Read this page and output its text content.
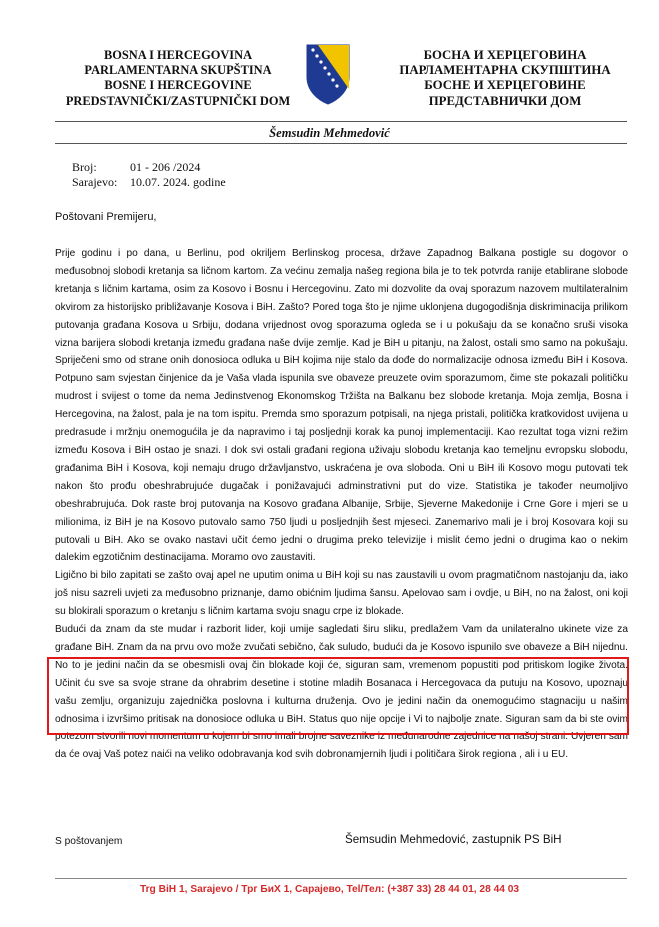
BOSNA I HERCEGOVINA
PARLAMENTARNA SKUPŠTINA
BOSNE I HERCEGOVINE
PREDSTAVNIČKI/ZASTUPNIČKI DOM
БОСНА И ХЕРЦЕГОВИНА
ПАРЛАМЕНТАРНА СКУПШТИНА
БОСНЕ И ХЕРЦЕГОВИНЕ
ПРЕДСТАВНИЧКИ ДОМ
Šemsudin Mehmedović
Broj:	01 - 206 /2024
Sarajevo: 10.07. 2024. godine
Poštovani Premijeru,

Prije godinu i po dana, u Berlinu, pod okriljem Berlinskog procesa, države Zapadnog Balkana postigle su dogovor o međusobnoj slobodi kretanja sa ličnom kartom. Za većinu zemalja našeg regiona bila je to tek potvrda ranije etablirane slobode kretanja s ličnim kartama, osim za Kosovo i Bosnu i Hercegovinu. Zato mi dozvolite da ovaj sporazum nazovem multilateralnim okvirom za historijsko približavanje Kosova i BiH. Zašto? Pored toga što je njime uklonjena dugogodišnja diskriminacija prilikom putovanja građana Kosova u Srbiju, dodana vrijednost ovog sporazuma ogleda se i u pokušaju da se konačno sruši visoka vizna barijera slobodi kretanja između građana naše dvije zemlje. Kad je BiH u pitanju, na žalost, ostali smo samo na pokušaju. Spriječeni smo od strane onih donosioca odluka u BiH kojima nije stalo da dođe do normalizacije odnosa između BiH i Kosova. Potpuno sam svjestan činjenice da je Vaša vlada ispunila sve obaveze preuzete ovim sporazumom, čime ste pokazali političku mudrost i svijest o tome da nema Jedinstvenog Ekonomskog Tržišta na Balkanu bez slobode kretanja. Moja zemlja, Bosna i Hercegovina, na žalost, pala je na tom ispitu. Premda smo sporazum potpisali, na njega pristali, politička kratkovidost uvijena u predrasude i mržnju onemogućila je da napravimo i taj posljednji korak ka punoj implementaciji. Kao rezultat toga vizni režim između Kosova i BiH ostao je snazi. I dok svi ostali građani regiona uživaju slobodu kretanja kao temeljnu evropsku slobodu, građanima BiH i Kosova, koji nemaju drugo državljanstvo, uskraćena je ova sloboda. Oni u BiH ili Kosovo mogu putovati tek nakon što prođu obeshrabrujuće dugačak i ponižavajući adminstrativni put do vize. Statistika je također neumoljivo obeshrabrujuća. Dok raste broj putovanja na Kosovo građana Albanije, Srbije, Sjeverne Makedonije i Crne Gore i mjeri se u milionima, iz BiH je na Kosovo putovalo samo 750 ljudi u posljednjih šest mjeseci. Zanemarivo mali je i broj Kosovara koji su putovali u BiH. Ako se ovako nastavi učit ćemo jedni o drugima preko televizije i mislit ćemo jedni o drugima kao o nekim dalekim egzotičnim destinacijama. Moramo ovo zaustaviti.

Ligično bi bilo zapitati se zašto ovaj apel ne uputim onima u BiH koji su nas zaustavili u ovom pragmatičnom nastojanju da, iako još nisu sazreli uvjeti za međusobno priznanje, damo obićnim ljudima šansu. Apelovao sam i ovdje, u BiH, no na žalost, oni koji su blokirali sporazum o kretanju s ličnim kartama svoju snagu crpe iz blokade.

Budući da znam da ste mudar i razborit lider, koji umije sagledati širu sliku, predlažem Vam da unilateralno ukinete vize za građane BiH. Znam da na prvu ovo može zvučati sebično, čak suludo, budući da je Kosovo ispunilo sve obaveze a BiH nijednu. No to je jedini način da se obesmisli ovaj čin blokade koji će, siguran sam, vremenom popustiti pod pritiskom logike života. Učinit ću sve sa svoje strane da ohrabrim desetine i stotine mladih Bosanaca i Hercegovaca da putuju na Kosovo, upoznaju vašu zemlju, organizuju zajednička poslovna i kulturna druženja. Ovo je jedini način da onemogućimo stagnaciju u našim odnosima i izvršimo pritisak na donosioce odluka u BiH. Status quo nije opcije i Vi to najbolje znate. Siguran sam da bi ste ovim potezom stvorili novi momentum u kojem bi smo imali brojne saveznike iz međunarodne zajednice na našoj strani. Uvjeren sam da će ovaj Vaš potez naići na veliko odobravanja kod svih dobronamjernih ljudi i političara širok regiona , ali i u EU.

S poštovanjem	Šemsudin Mehmedović, zastupnik PS BiH
Trg BiH 1, Sarajevo / Трг БиХ 1, Сарајево, Tel/Тел: (+387 33) 28 44 01, 28 44 03
